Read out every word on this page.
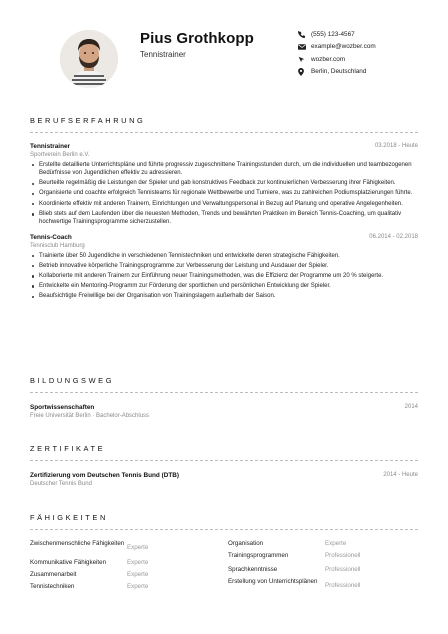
Pius Grothkopp
Tennistrainer
(555) 123-4567
example@wozber.com
wozber.com
Berlin, Deutschland
BERUFSERFAHRUNG
Tennistrainer
Sportverein Berlin e.V.
03.2018 - Heute
Erstellte detaillierte Unterrichtspläne und führte progressiv zugeschnittene Trainingsstunden durch, um die individuellen und teambezogenen Bedürfnisse von Jugendlichen effektiv zu adressieren.
Beurteilte regelmäßig die Leistungen der Spieler und gab konstruktives Feedback zur kontinuierlichen Verbesserung ihrer Fähigkeiten.
Organisierte und coachte erfolgreich Tennisteams für regionale Wettbewerbe und Turniere, was zu zahlreichen Podiumsplatzierungen führte.
Koordinierte effektiv mit anderen Trainern, Einrichtungen und Verwaltungspersonal in Bezug auf Planung und operative Angelegenheiten.
Blieb stets auf dem Laufenden über die neuesten Methoden, Trends und bewährten Praktiken im Bereich Tennis-Coaching, um qualitativ hochwertige Trainingsprogramme sicherzustellen.
Tennis-Coach
Tennisclub Hamburg
06.2014 - 02.2018
Trainierte über 50 Jugendliche in verschiedenen Tennistechniken und entwickelte deren strategische Fähigkeiten.
Betrieb innovative körperliche Trainingsprogramme zur Verbesserung der Leistung und Ausdauer der Spieler.
Kollaborierte mit anderen Trainern zur Einführung neuer Trainingsmethoden, was die Effizienz der Programme um 20 % steigerte.
Entwickelte ein Mentoring-Programm zur Förderung der sportlichen und persönlichen Entwicklung der Spieler.
Beaufsichtigte Freiwillige bei der Organisation von Trainingslagern außerhalb der Saison.
BILDUNGSWEG
Sportwissenschaften
Freie Universität Berlin · Bachelor-Abschluss
2014
ZERTIFIKATE
Zertifizierung vom Deutschen Tennis Bund (DTB)
Deutscher Tennis Bund
2014 - Heute
FÄHIGKEITEN
Zwischenmenschliche Fähigkeiten
Experte
Kommunikative Fähigkeiten	Experte
Zusammenarbeit	Experte
Tennistechniken	Experte
Organisation	Experte
Trainingsprogrammen	Professionell
Sprachkenntnisse	Professionell
Erstellung von Unterrichtsplänen
Professionell
